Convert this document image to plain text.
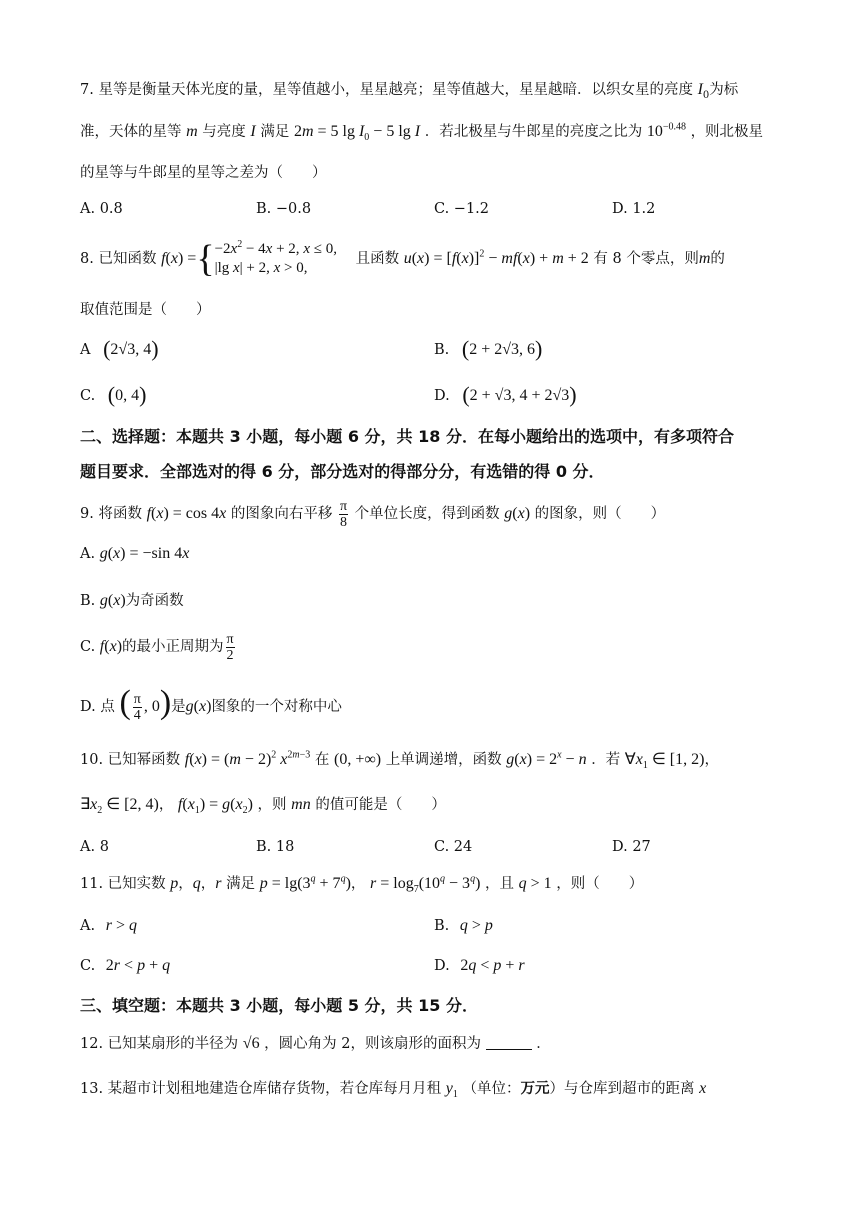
7. 星等是衡量天体光度的量，星等值越小，星星越亮；星等值越大，星星越暗．以织女星的亮度 $I_0$为标
准，天体的星等 m 与亮度 I 满足 2m = 5 $\lg I_0 - 5$ lg I ．若北极星与牛郎星的亮度之比为 $10^{-0.48}$ ，则北极星
的星等与牛郎星的星等之差为（　　）
A. 0.8	B. −0.8	C. −1.2	D. 1.2
8. 已知函数 $f(x) =\{-2x^2 - 4x + 2$, x ≤ 0,
|lg x| + 2, x > 0, 且函数 $u(x) = [f(x)]^2 - mf(x) + m + 2$ 有 8 个零点，则m的
取值范围是（　　）
A (2√3, 4)	B. (2 + 2√3, 6)
C. (0, 4)	D. (2 + √3, 4 + 2√3)
二、选择题：本题共 3 小题，每小题 6 分，共 18 分．在每小题给出的选项中，有多项符合
题目要求．全部选对的得 6 分，部分选对的得部分分，有选错的得 0 分．
9. 将函数 f(x) = cos 4x 的图象向右平移 $\frac{\pi}{8}$ 个单位长度，得到函数 g(x) 的图象，则（　　）
A. g(x) = −sin 4x
B. g(x)为奇函数
C. f(x)的最小正周期为 $\frac{\pi}{2}$
D. 点 ( $\frac{\pi}{4}$ , 0)是g(x)图象的一个对称中心
10. 已知幂函数 $f(x) = (m - 2)^2$ $x^{2m-3}$ 在 (0, +∞) 上单调递增，函数 $g(x) = 2^x - n$ ．若 $\forall x_1$ ∈ [1, 2)，
$\exists x_2$ ∈ [2, 4)， $f(x_1) = g(x_2)$ ，则 mn 的值可能是（　　）
A. 8	B. 18	C. 24	D. 27
11. 已知实数 p，q，r 满足 $p = \lg(3^q + 7^q)$， $r = \log_7(10^q - 3^q)$ ，且 q > 1 ，则（　　）
A. r > q	B. q > p
C. 2r < p + q	D. 2q < p + r
三、填空题：本题共 3 小题，每小题 5 分，共 15 分．
12. 已知某扇形的半径为 √6 ，圆心角为 2，则该扇形的面积为	．
13. 某超市计划租地建造仓库储存货物，若仓库每月月租 $y_1$ （单位：万元）与仓库到超市的距离 x
